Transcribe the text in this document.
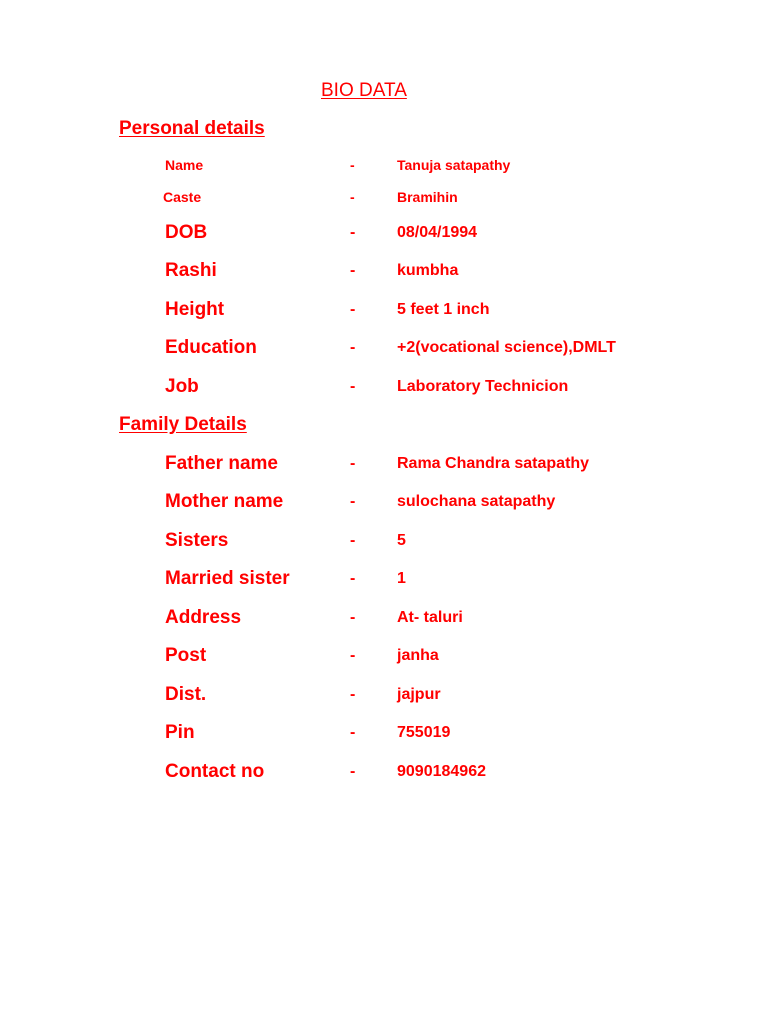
BIO DATA
Personal details
Name	-	Tanuja satapathy
Caste	-	Bramihin
DOB	-	08/04/1994
Rashi	-	kumbha
Height	-	5 feet 1 inch
Education	-	+2(vocational science),DMLT
Job	-	Laboratory Technicion
Family Details
Father name	-	Rama Chandra satapathy
Mother name	-	sulochana satapathy
Sisters	-	5
Married sister	-	1
Address	-	At- taluri
Post	-	janha
Dist.	-	jajpur
Pin	-	755019
Contact no	-	9090184962
